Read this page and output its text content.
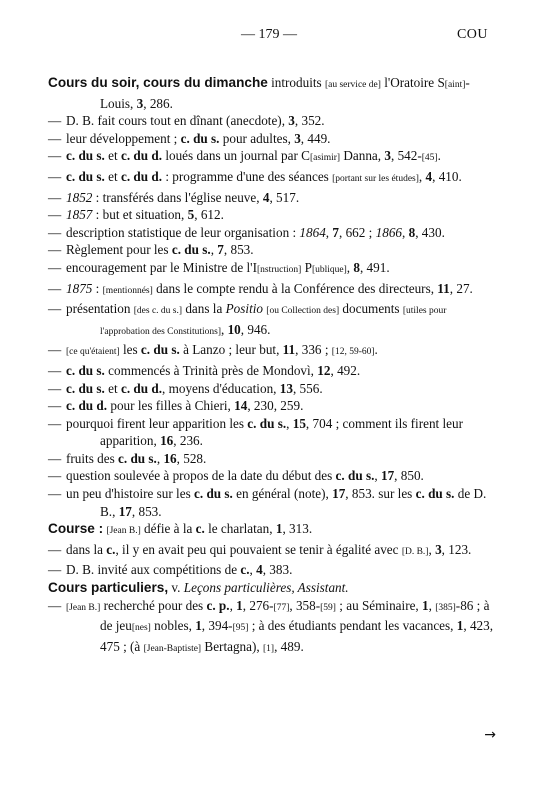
— 179 —	COU

Cours du soir, cours du dimanche introduits [au service de] l'Oratoire S[aint]-Louis, 3, 286.

— D. B. fait cours tout en dînant (anecdote), 3, 352.

— leur développement ; c. du s. pour adultes, 3, 449.

— c. du s. et c. du d. loués dans un journal par C[asimir] Danna, 3, 542-[45].

— c. du s. et c. du d. : programme d'une des séances [portant sur les études], 4, 410.

— 1852 : transférés dans l'église neuve, 4, 517.

— 1857 : but et situation, 5, 612.

— description statistique de leur organisation : 1864, 7, 662 ; 1866, 8, 430.

— Règlement pour les c. du s., 7, 853.

— encouragement par le Ministre de l'I[nstruction] P[ublique], 8, 491.

— 1875 : [mentionnés] dans le compte rendu à la Conférence des directeurs, 11, 27.

— présentation [des c. du s.] dans la Positio [ou Collection des] documents [utiles pour l'approbation des Constitutions], 10, 946.

— [ce qu'étaient] les c. du s. à Lanzo ; leur but, 11, 336 ; [12, 59-60].

— c. du s. commencés à Trinità près de Mondovì, 12, 492.

— c. du s. et c. du d., moyens d'éducation, 13, 556.

— c. du d. pour les filles à Chieri, 14, 230, 259.

— pourquoi firent leur apparition les c. du s., 15, 704 ; comment ils firent leur apparition, 16, 236.

— fruits des c. du s., 16, 528.

— question soulevée à propos de la date du début des c. du s., 17, 850.

— un peu d'histoire sur les c. du s. en général (note), 17, 853. sur les c. du s. de D. B., 17, 853.

Course : [Jean B.] défie à la c. le charlatan, 1, 313.

— dans la c., il y en avait peu qui pouvaient se tenir à égalité avec [D. B.], 3, 123.

— D. B. invité aux compétitions de c., 4, 383.

Cours particuliers, v. Leçons particulières, Assistant.

— [Jean B.] recherché pour des c. p., 1, 276-[77], 358-[59] ; au Séminaire, 1, [385]-86 ; à de jeu[nes] nobles, 1, 394-[95] ; à des étudiants pendant les vacances, 1, 423, 475 ; (à [Jean-Baptiste] Bertagna), [1], 489.

→
